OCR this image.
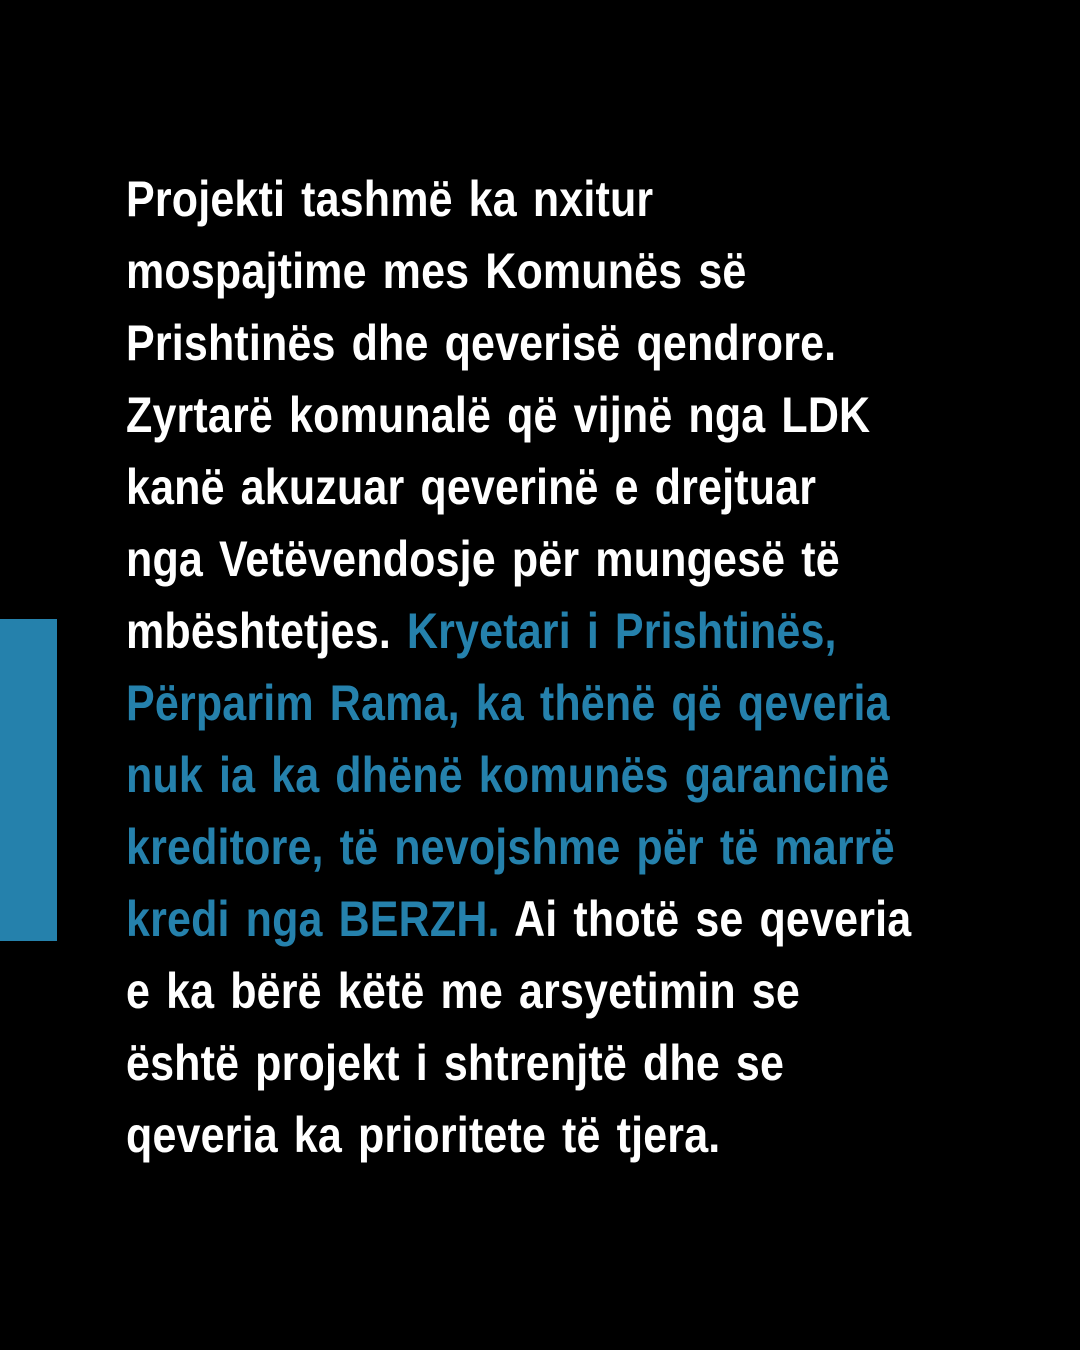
Projekti tashmë ka nxitur
mospajtime mes Komunës së
Prishtinës dhe qeverisë qendrore.
Zyrtarë komunalë që vijnë nga LDK
kanë akuzuar qeverinë e drejtuar
nga Vetëvendosje për mungesë të
mbështetjes. Kryetari i Prishtinës,
Përparim Rama, ka thënë që qeveria
nuk ia ka dhënë komunës garancinë
kreditore, të nevojshme për të marrë
kredi nga BERZH. Ai thotë se qeveria
e ka bërë këtë me arsyetimin se
është projekt i shtrenjtë dhe se
qeveria ka prioritete të tjera.
